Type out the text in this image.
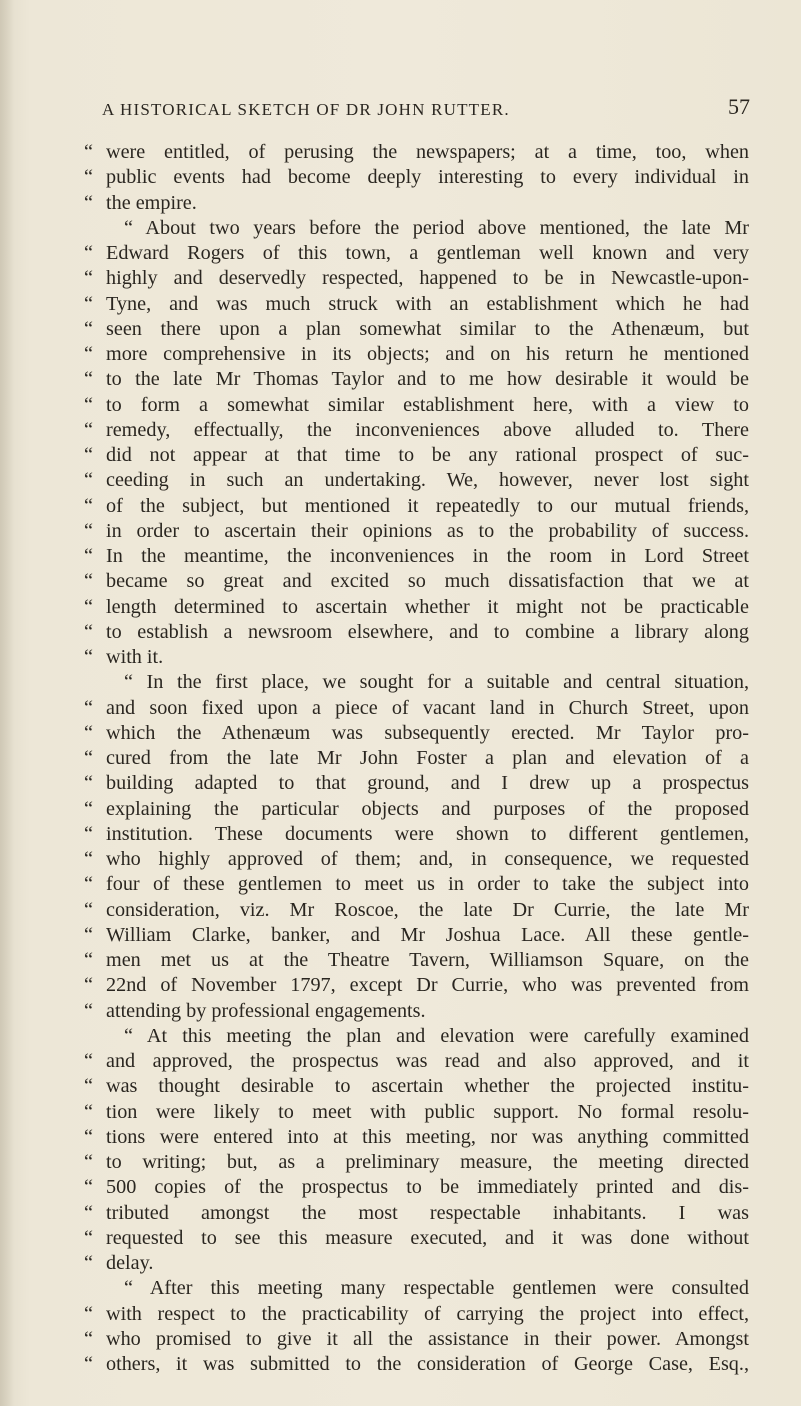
A HISTORICAL SKETCH OF DR JOHN RUTTER.	57
“ were entitled, of perusing the newspapers; at a time, too, when
“ public events had become deeply interesting to every individual in
“ the empire.
“ About two years before the period above mentioned, the late Mr
“ Edward Rogers of this town, a gentleman well known and very
“ highly and deservedly respected, happened to be in Newcastle-upon-
“ Tyne, and was much struck with an establishment which he had
“ seen there upon a plan somewhat similar to the Athenæum, but
“ more comprehensive in its objects; and on his return he mentioned
“ to the late Mr Thomas Taylor and to me how desirable it would be
“ to form a somewhat similar establishment here, with a view to
“ remedy, effectually, the inconveniences above alluded to. There
“ did not appear at that time to be any rational prospect of suc-
“ ceeding in such an undertaking. We, however, never lost sight
“ of the subject, but mentioned it repeatedly to our mutual friends,
“ in order to ascertain their opinions as to the probability of success.
“ In the meantime, the inconveniences in the room in Lord Street
“ became so great and excited so much dissatisfaction that we at
“ length determined to ascertain whether it might not be practicable
“ to establish a newsroom elsewhere, and to combine a library along
“ with it.
“ In the first place, we sought for a suitable and central situation,
“ and soon fixed upon a piece of vacant land in Church Street, upon
“ which the Athenæum was subsequently erected. Mr Taylor pro-
“ cured from the late Mr John Foster a plan and elevation of a
“ building adapted to that ground, and I drew up a prospectus
“ explaining the particular objects and purposes of the proposed
“ institution. These documents were shown to different gentlemen,
“ who highly approved of them; and, in consequence, we requested
“ four of these gentlemen to meet us in order to take the subject into
“ consideration, viz. Mr Roscoe, the late Dr Currie, the late Mr
“ William Clarke, banker, and Mr Joshua Lace. All these gentle-
“ men met us at the Theatre Tavern, Williamson Square, on the
“ 22nd of November 1797, except Dr Currie, who was prevented from
“ attending by professional engagements.
“ At this meeting the plan and elevation were carefully examined
“ and approved, the prospectus was read and also approved, and it
“ was thought desirable to ascertain whether the projected institu-
“ tion were likely to meet with public support. No formal resolu-
“ tions were entered into at this meeting, nor was anything committed
“ to writing; but, as a preliminary measure, the meeting directed
“ 500 copies of the prospectus to be immediately printed and dis-
“ tributed amongst the most respectable inhabitants. I was
“ requested to see this measure executed, and it was done without
“ delay.
“ After this meeting many respectable gentlemen were consulted
“ with respect to the practicability of carrying the project into effect,
“ who promised to give it all the assistance in their power. Amongst
“ others, it was submitted to the consideration of George Case, Esq.,
